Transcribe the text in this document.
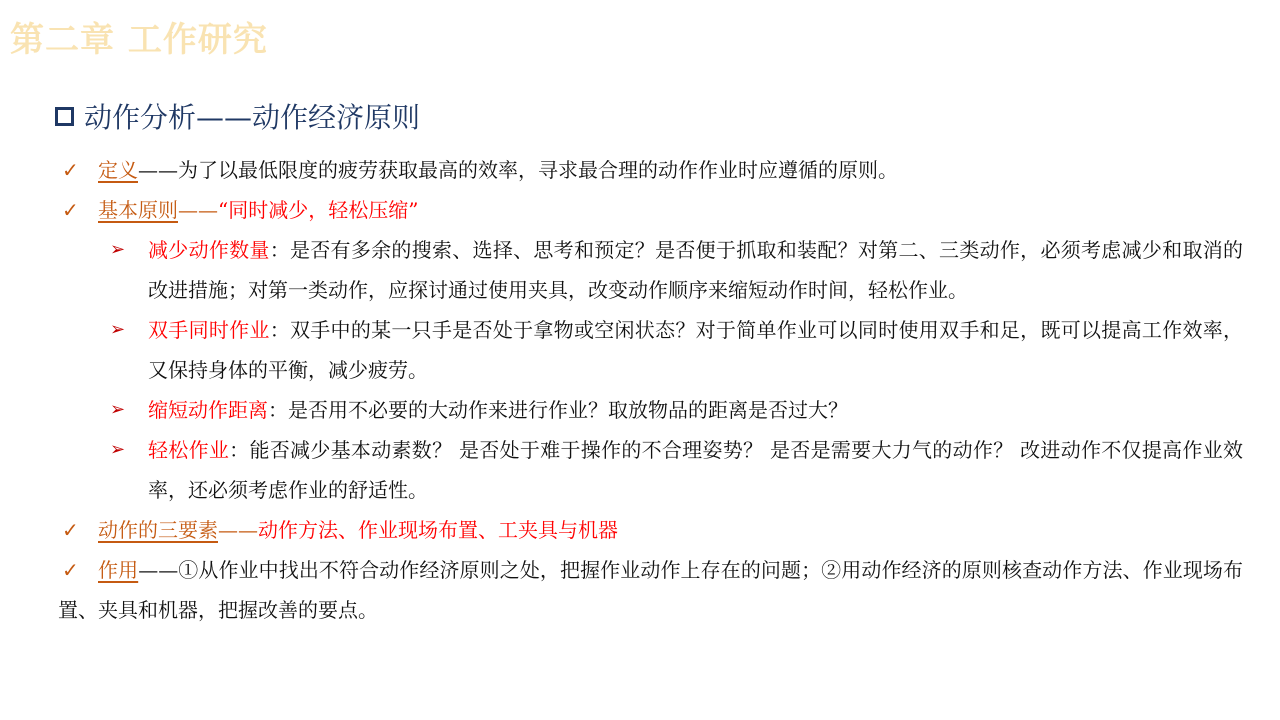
第二章 工作研究
动作分析——动作经济原则
✓ 定义——为了以最低限度的疲劳获取最高的效率，寻求最合理的动作作业时应遵循的原则。
✓ 基本原则——“同时减少，轻松压缩”
➢ 减少动作数量：是否有多余的搜索、选择、思考和预定？是否便于抓取和装配？对第二、三类动作，必须考虑减少和取消的改进措施；对第一类动作，应探讨通过使用夹具，改变动作顺序来缩短动作时间，轻松作业。
➢ 双手同时作业：双手中的某一只手是否处于拿物或空闲状态？对于简单作业可以同时使用双手和足，既可以提高工作效率，又保持身体的平衡，减少疲劳。
➢ 缩短动作距离：是否用不必要的大动作来进行作业？取放物品的距离是否过大？
➢ 轻松作业：能否减少基本动素数？ 是否处于难于操作的不合理姿势？ 是否是需要大力气的动作？ 改进动作不仅提高作业效率，还必须考虑作业的舒适性。
✓ 动作的三要素——动作方法、作业现场布置、工夹具与机器
✓ 作用——①从作业中找出不符合动作经济原则之处，把握作业动作上存在的问题；②用动作经济的原则核查动作方法、作业现场布置、夹具和机器，把握改善的要点。
